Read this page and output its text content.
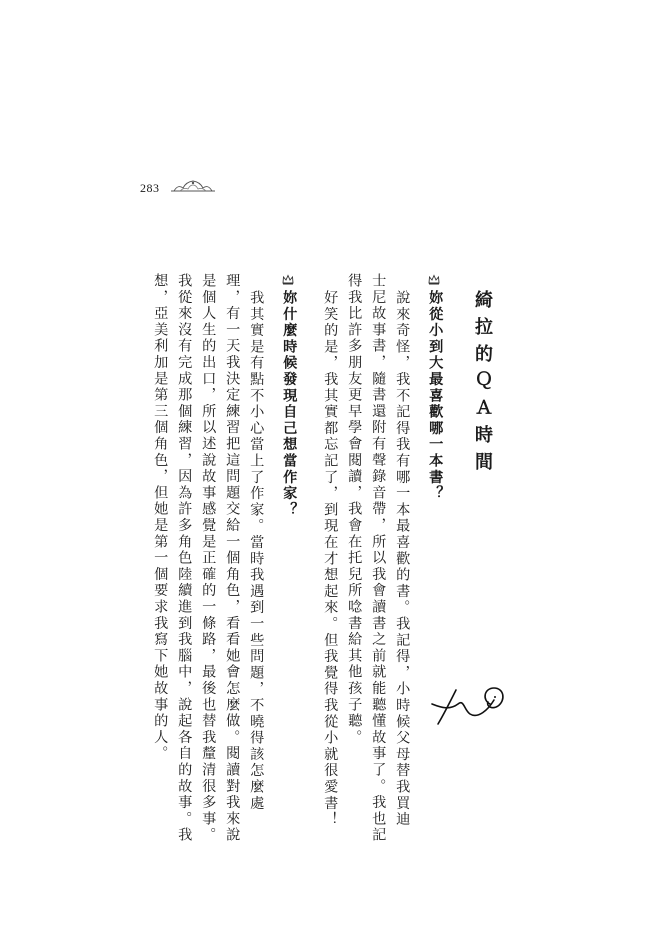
283
綺拉的ＱＡ時間
妳從小到大最喜歡哪一本書？
說來奇怪，我不記得我有哪一本最喜歡的書。我記得，小時候父母替我買迪
士尼故事書，隨書還附有聲錄音帶，所以我會讀書之前就能聽懂故事了。我也記
得我比許多朋友更早學會閱讀，我會在托兒所唸書給其他孩子聽。
好笑的是，我其實都忘記了，到現在才想起來。但我覺得我從小就很愛書！
妳什麼時候發現自己想當作家？
我其實是有點不小心當上了作家。當時我遇到一些問題，不曉得該怎麼處
理，有一天我決定練習把這問題交給一個角色，看看她會怎麼做。閱讀對我來說
是個人生的出口，所以述說故事感覺是正確的一條路，最後也替我釐清很多事。
我從來沒有完成那個練習，因為許多角色陸續進到我腦中，說起各自的故事。我
想，亞美利加是第三個角色，但她是第一個要求我寫下她故事的人。
